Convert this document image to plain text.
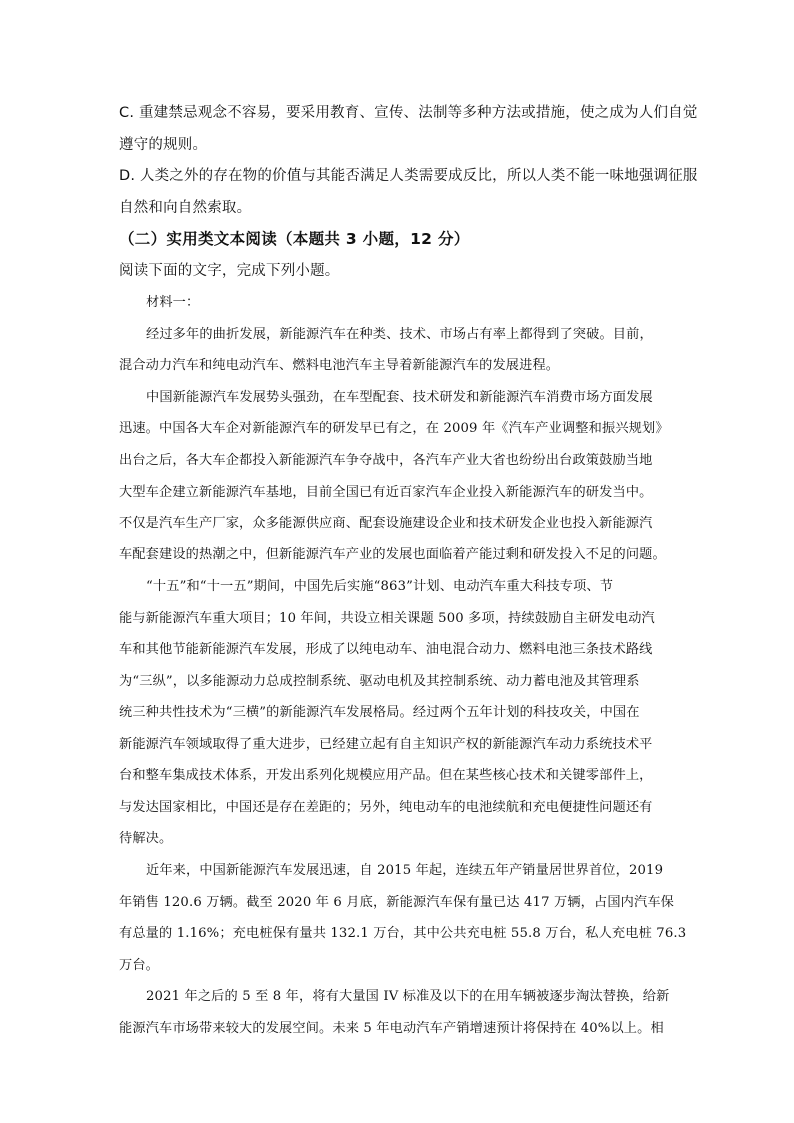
C. 重建禁忌观念不容易，要采用教育、宣传、法制等多种方法或措施，使之成为人们自觉

遵守的规则。

D. 人类之外的存在物的价值与其能否满足人类需要成反比，所以人类不能一味地强调征服

自然和向自然索取。

（二）实用类文本阅读（本题共 3 小题，12 分）

阅读下面的文字，完成下列小题。

材料一：

经过多年的曲折发展，新能源汽车在种类、技术、市场占有率上都得到了突破。目前，

混合动力汽车和纯电动汽车、燃料电池汽车主导着新能源汽车的发展进程。

中国新能源汽车发展势头强劲，在车型配套、技术研发和新能源汽车消费市场方面发展

迅速。中国各大车企对新能源汽车的研发早已有之，在 2009 年《汽车产业调整和振兴规划》

出台之后，各大车企都投入新能源汽车争夺战中，各汽车产业大省也纷纷出台政策鼓励当地

大型车企建立新能源汽车基地，目前全国已有近百家汽车企业投入新能源汽车的研发当中。

不仅是汽车生产厂家，众多能源供应商、配套设施建设企业和技术研发企业也投入新能源汽

车配套建设的热潮之中，但新能源汽车产业的发展也面临着产能过剩和研发投入不足的问题。

“十五”和“十一五”期间，中国先后实施“863”计划、电动汽车重大科技专项、节

能与新能源汽车重大项目；10 年间，共设立相关课题 500 多项，持续鼓励自主研发电动汽

车和其他节能新能源汽车发展，形成了以纯电动车、油电混合动力、燃料电池三条技术路线

为“三纵”，以多能源动力总成控制系统、驱动电机及其控制系统、动力蓄电池及其管理系

统三种共性技术为“三横”的新能源汽车发展格局。经过两个五年计划的科技攻关，中国在

新能源汽车领域取得了重大进步，已经建立起有自主知识产权的新能源汽车动力系统技术平

台和整车集成技术体系，开发出系列化规模应用产品。但在某些核心技术和关键零部件上，

与发达国家相比，中国还是存在差距的；另外，纯电动车的电池续航和充电便捷性问题还有

待解决。

近年来，中国新能源汽车发展迅速，自 2015 年起，连续五年产销量居世界首位，2019

年销售 120.6 万辆。截至 2020 年 6 月底，新能源汽车保有量已达 417 万辆，占国内汽车保

有总量的 1.16%；充电桩保有量共 132.1 万台，其中公共充电桩 55.8 万台，私人充电桩 76.3

万台。

2021 年之后的 5 至 8 年，将有大量国 IV 标准及以下的在用车辆被逐步淘汰替换，给新

能源汽车市场带来较大的发展空间。未来 5 年电动汽车产销增速预计将保持在 40%以上。相
